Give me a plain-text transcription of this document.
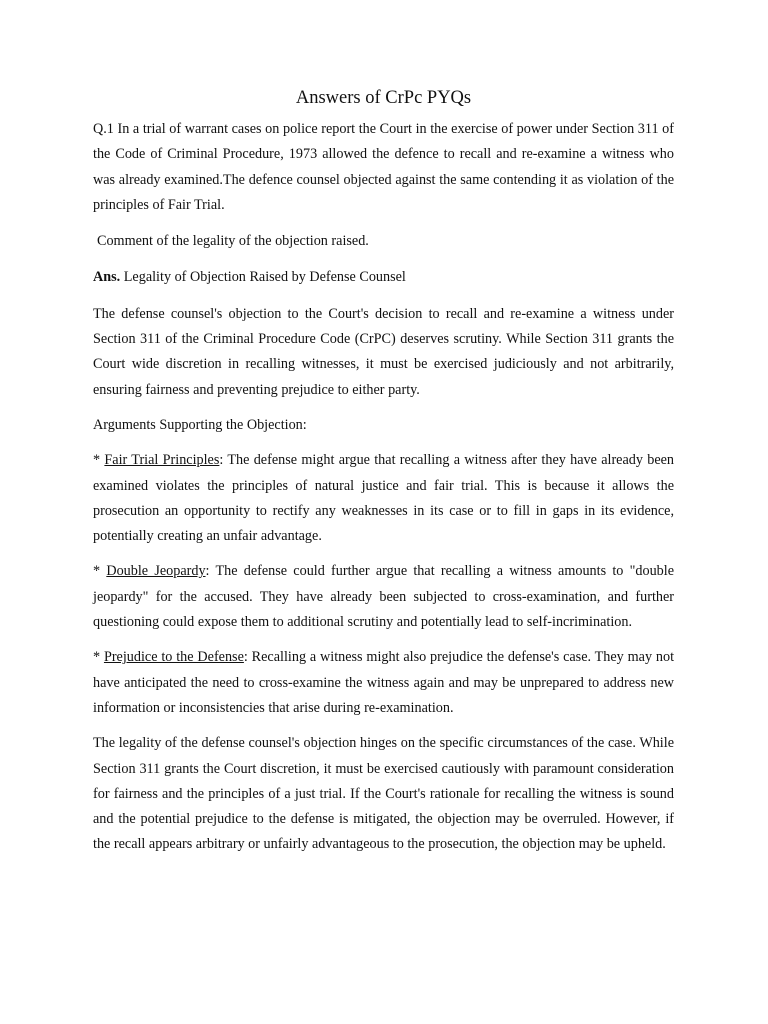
Answers of CrPc PYQs

Q.1 In a trial of warrant cases on police report the Court in the exercise of power under Section 311 of the Code of Criminal Procedure, 1973 allowed the defence to recall and re-examine a witness who was already examined.The defence counsel objected against the same contending it as violation of the principles of Fair Trial.

Comment of the legality of the objection raised.

Ans. Legality of Objection Raised by Defense Counsel

The defense counsel's objection to the Court's decision to recall and re-examine a witness under Section 311 of the Criminal Procedure Code (CrPC) deserves scrutiny. While Section 311 grants the Court wide discretion in recalling witnesses, it must be exercised judiciously and not arbitrarily, ensuring fairness and preventing prejudice to either party.

Arguments Supporting the Objection:

* Fair Trial Principles: The defense might argue that recalling a witness after they have already been examined violates the principles of natural justice and fair trial. This is because it allows the prosecution an opportunity to rectify any weaknesses in its case or to fill in gaps in its evidence, potentially creating an unfair advantage.

* Double Jeopardy: The defense could further argue that recalling a witness amounts to "double jeopardy" for the accused. They have already been subjected to cross-examination, and further questioning could expose them to additional scrutiny and potentially lead to self-incrimination.

* Prejudice to the Defense: Recalling a witness might also prejudice the defense's case. They may not have anticipated the need to cross-examine the witness again and may be unprepared to address new information or inconsistencies that arise during re-examination.

The legality of the defense counsel's objection hinges on the specific circumstances of the case. While Section 311 grants the Court discretion, it must be exercised cautiously with paramount consideration for fairness and the principles of a just trial. If the Court's rationale for recalling the witness is sound and the potential prejudice to the defense is mitigated, the objection may be overruled. However, if the recall appears arbitrary or unfairly advantageous to the prosecution, the objection may be upheld.
